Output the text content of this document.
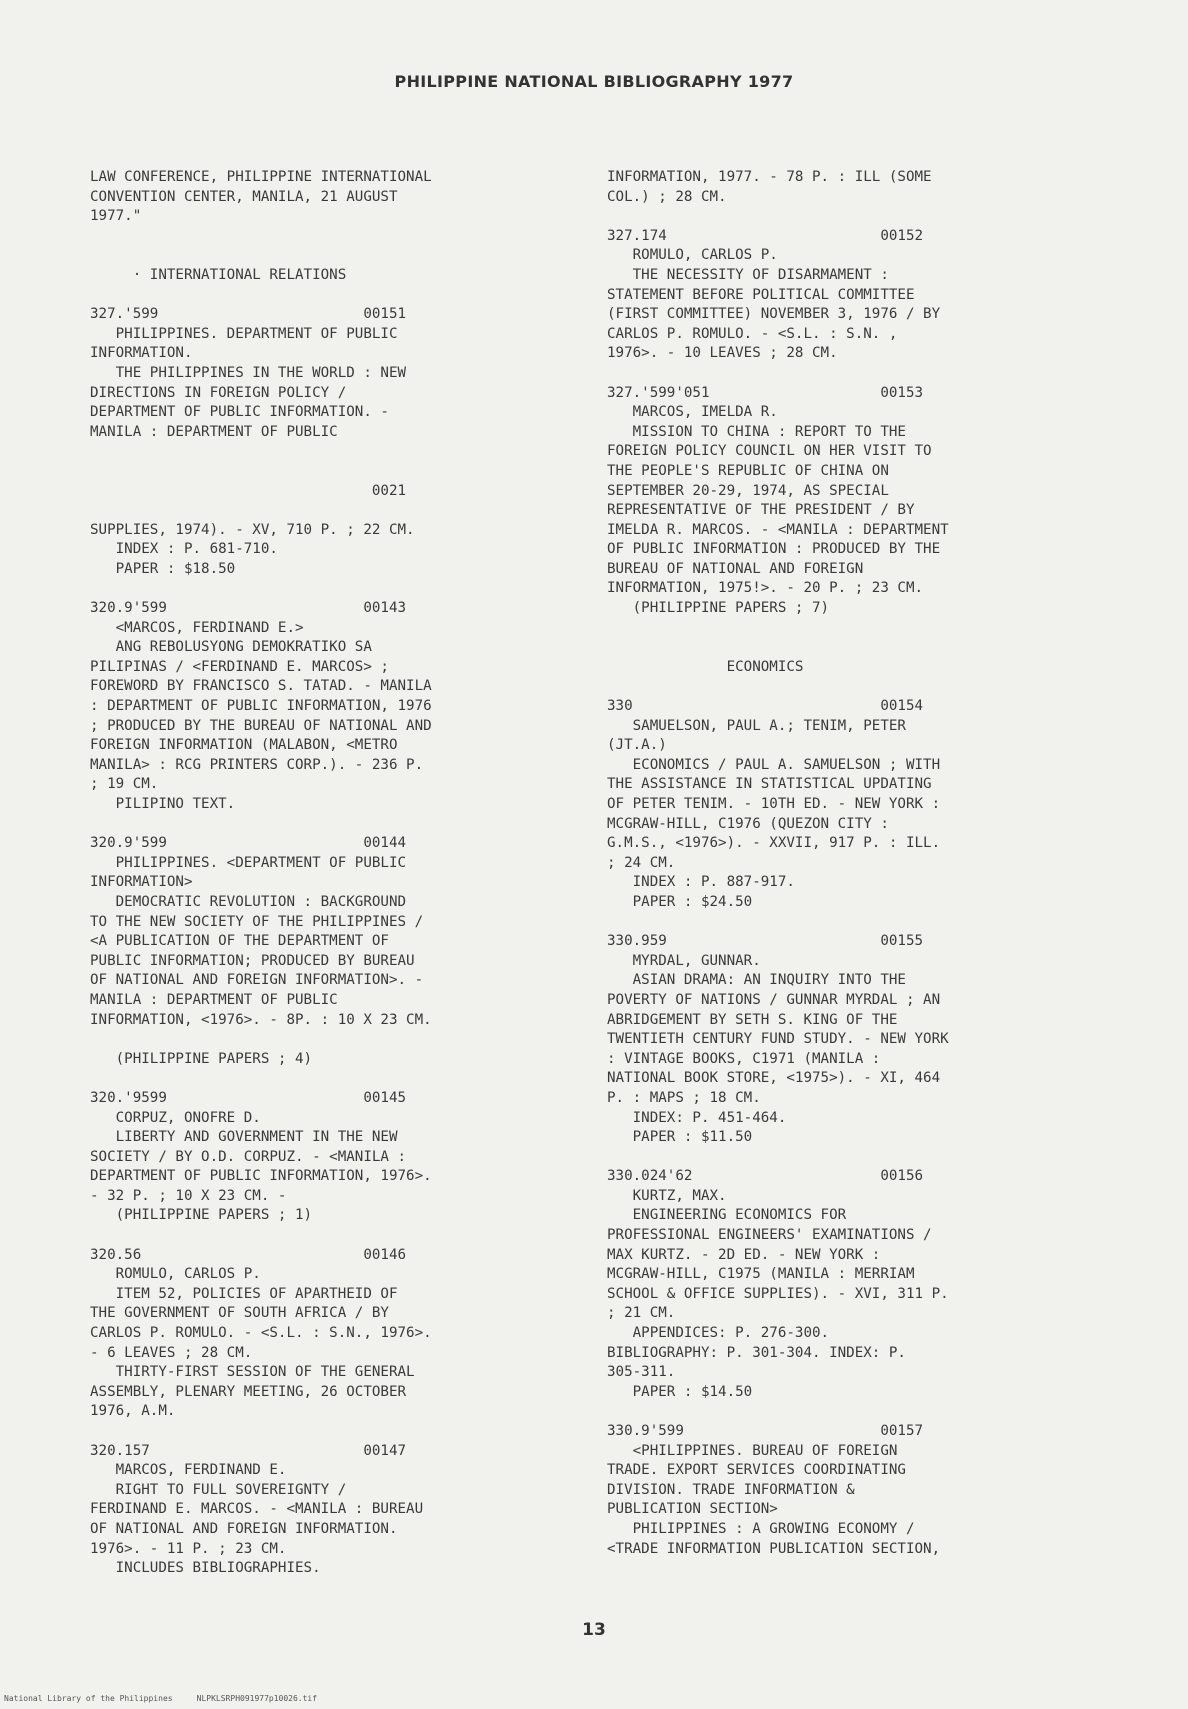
PHILIPPINE NATIONAL BIBLIOGRAPHY 1977
LAW CONFERENCE, PHILIPPINE INTERNATIONAL
CONVENTION CENTER, MANILA, 21 AUGUST
1977."
· INTERNATIONAL RELATIONS
327.'599                        00151
PHILIPPINES. DEPARTMENT OF PUBLIC
INFORMATION.
THE PHILIPPINES IN THE WORLD : NEW
DIRECTIONS IN FOREIGN POLICY /
DEPARTMENT OF PUBLIC INFORMATION. -
MANILA : DEPARTMENT OF PUBLIC
0021
SUPPLIES, 1974). - XV, 710 P. ; 22 CM.
INDEX : P. 681-710.
PAPER : $18.50
320.9'599                       00143
<MARCOS, FERDINAND E.>
ANG REBOLUSYONG DEMOKRATIKO SA
PILIPINAS / <FERDINAND E. MARCOS> ;
FOREWORD BY FRANCISCO S. TATAD. - MANILA
: DEPARTMENT OF PUBLIC INFORMATION, 1976
; PRODUCED BY THE BUREAU OF NATIONAL AND
FOREIGN INFORMATION (MALABON, <METRO
MANILA> : RCG PRINTERS CORP.). - 236 P.
; 19 CM.
PILIPINO TEXT.
320.9'599                       00144
PHILIPPINES. <DEPARTMENT OF PUBLIC
INFORMATION>
DEMOCRATIC REVOLUTION : BACKGROUND
TO THE NEW SOCIETY OF THE PHILIPPINES /
<A PUBLICATION OF THE DEPARTMENT OF
PUBLIC INFORMATION; PRODUCED BY BUREAU
OF NATIONAL AND FOREIGN INFORMATION>. -
MANILA : DEPARTMENT OF PUBLIC
INFORMATION, <1976>. - 8P. : 10 X 23 CM.
(PHILIPPINE PAPERS ; 4)
320.'9599                       00145
CORPUZ, ONOFRE D.
LIBERTY AND GOVERNMENT IN THE NEW
SOCIETY / BY O.D. CORPUZ. - <MANILA :
DEPARTMENT OF PUBLIC INFORMATION, 1976>.
- 32 P. ; 10 X 23 CM. -
(PHILIPPINE PAPERS ; 1)
320.56                          00146
ROMULO, CARLOS P.
ITEM 52, POLICIES OF APARTHEID OF
THE GOVERNMENT OF SOUTH AFRICA / BY
CARLOS P. ROMULO. - <S.L. : S.N., 1976>.
- 6 LEAVES ; 28 CM.
THIRTY-FIRST SESSION OF THE GENERAL
ASSEMBLY, PLENARY MEETING, 26 OCTOBER
1976, A.M.
320.157                         00147
MARCOS, FERDINAND E.
RIGHT TO FULL SOVEREIGNTY /
FERDINAND E. MARCOS. - <MANILA : BUREAU
OF NATIONAL AND FOREIGN INFORMATION.
1976>. - 11 P. ; 23 CM.
INCLUDES BIBLIOGRAPHIES.
INFORMATION, 1977. - 78 P. : ILL (SOME
COL.) ; 28 CM.
327.174                         00152
ROMULO, CARLOS P.
THE NECESSITY OF DISARMAMENT :
STATEMENT BEFORE POLITICAL COMMITTEE
(FIRST COMMITTEE) NOVEMBER 3, 1976 / BY
CARLOS P. ROMULO. - <S.L. : S.N. ,
1976>. - 10 LEAVES ; 28 CM.
327.'599'051                    00153
MARCOS, IMELDA R.
MISSION TO CHINA : REPORT TO THE
FOREIGN POLICY COUNCIL ON HER VISIT TO
THE PEOPLE'S REPUBLIC OF CHINA ON
SEPTEMBER 20-29, 1974, AS SPECIAL
REPRESENTATIVE OF THE PRESIDENT / BY
IMELDA R. MARCOS. - <MANILA : DEPARTMENT
OF PUBLIC INFORMATION : PRODUCED BY THE
BUREAU OF NATIONAL AND FOREIGN
INFORMATION, 1975!>. - 20 P. ; 23 CM.
(PHILIPPINE PAPERS ; 7)
ECONOMICS
330                             00154
SAMUELSON, PAUL A.; TENIM, PETER
(JT.A.)
ECONOMICS / PAUL A. SAMUELSON ; WITH
THE ASSISTANCE IN STATISTICAL UPDATING
OF PETER TENIM. - 10TH ED. - NEW YORK :
MCGRAW-HILL, C1976 (QUEZON CITY :
G.M.S., <1976>). - XXVII, 917 P. : ILL.
; 24 CM.
INDEX : P. 887-917.
PAPER : $24.50
330.959                         00155
MYRDAL, GUNNAR.
ASIAN DRAMA: AN INQUIRY INTO THE
POVERTY OF NATIONS / GUNNAR MYRDAL ; AN
ABRIDGEMENT BY SETH S. KING OF THE
TWENTIETH CENTURY FUND STUDY. - NEW YORK
: VINTAGE BOOKS, C1971 (MANILA :
NATIONAL BOOK STORE, <1975>). - XI, 464
P. : MAPS ; 18 CM.
INDEX: P. 451-464.
PAPER : $11.50
330.024'62                      00156
KURTZ, MAX.
ENGINEERING ECONOMICS FOR
PROFESSIONAL ENGINEERS' EXAMINATIONS /
MAX KURTZ. - 2D ED. - NEW YORK :
MCGRAW-HILL, C1975 (MANILA : MERRIAM
SCHOOL & OFFICE SUPPLIES). - XVI, 311 P.
; 21 CM.
APPENDICES: P. 276-300.
BIBLIOGRAPHY: P. 301-304. INDEX: P.
305-311.
PAPER : $14.50
330.9'599                       00157
<PHILIPPINES. BUREAU OF FOREIGN
TRADE. EXPORT SERVICES COORDINATING
DIVISION. TRADE INFORMATION &
PUBLICATION SECTION>
PHILIPPINES : A GROWING ECONOMY /
<TRADE INFORMATION PUBLICATION SECTION,
13
National Library of the Philippines     NLPKLSRPH091977p10026.tif
